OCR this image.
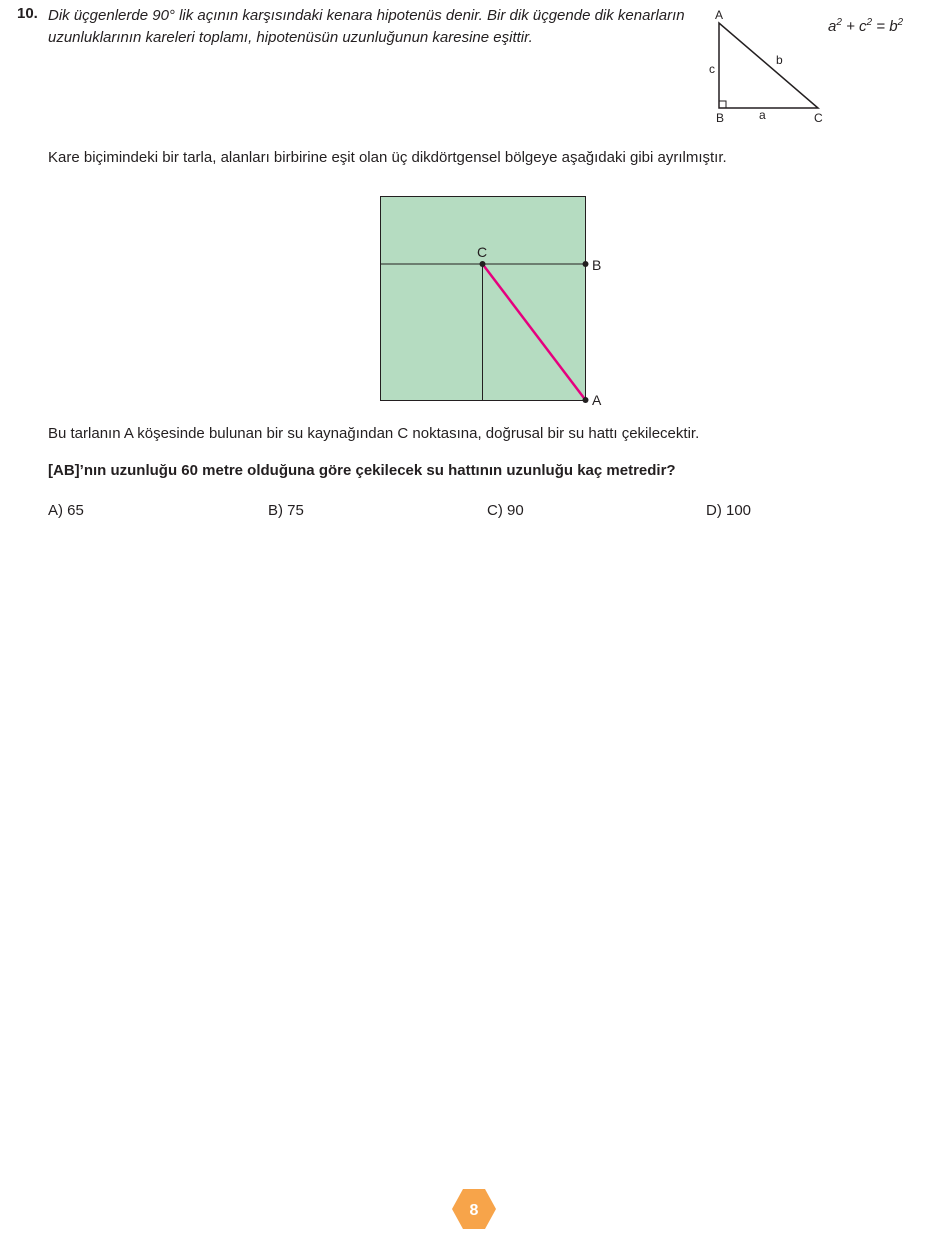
10. Dik üçgenlerde 90° lik açının karşısındaki kenara hipotenüs denir. Bir dik üçgende dik kenarların uzunluklarının kareleri toplamı, hipotenüsün uzunluğunun karesine eşittir.

$a^2 + c^2 = b^2$
A
B	C
a
b
c

Kare biçimindeki bir tarla, alanları birbirine eşit olan üç dikdörtgensel bölgeye aşağıdaki gibi ayrılmıştır.

C
B
A

Bu tarlanın A köşesinde bulunan bir su kaynağından C noktasına, doğrusal bir su hattı çekilecektir.

[AB]’nın uzunluğu 60 metre olduğuna göre çekilecek su hattının uzunluğu kaç metredir?

A) 65	B) 75	C) 90	D) 100
8
